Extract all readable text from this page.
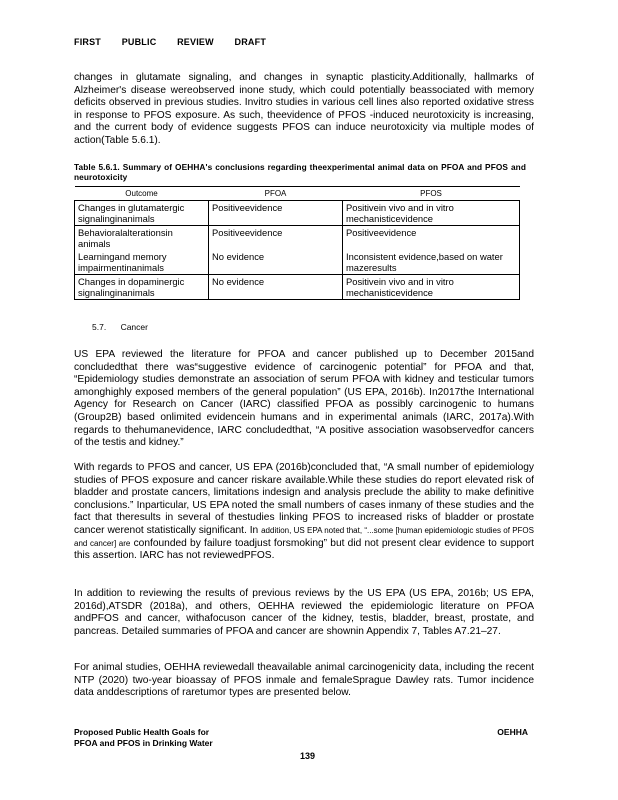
FIRST PUBLIC REVIEW DRAFT
changes in glutamate signaling, and changes in synaptic plasticity.Additionally, hallmarks of Alzheimer's disease wereobserved inone study, which could potentially beassociated with memory deficits observed in previous studies. Invitro studies in various cell lines also reported oxidative stress in response to PFOS exposure. As such, theevidence of PFOS -induced neurotoxicity is increasing, and the current body of evidence suggests PFOS can induce neurotoxicity via multiple modes of action(Table 5.6.1).
Table 5.6.1. Summary of OEHHA's conclusions regarding theexperimental animal data on PFOA and PFOS and neurotoxicity
Outcome	PFOA	PFOS
Changes in glutamatergic signalinginanimals	Positiveevidence	Positivein vivo and in vitro mechanisticevidence
Behavioralalterationsin animals	Positiveevidence	Positiveevidence
Learningand memory impairmentinanimals	No evidence	Inconsistent evidence,based on water mazeresults
Changes in dopaminergic signalinginanimals	No evidence	Positivein vivo and in vitro mechanisticevidence
5.7. Cancer
US EPA reviewed the literature for PFOA and cancer published up to December 2015and concludedthat there was“suggestive evidence of carcinogenic potential” for PFOA and that, “Epidemiology studies demonstrate an association of serum PFOA with kidney and testicular tumors amonghighly exposed members of the general population” (US EPA, 2016b). In2017the International Agency for Research on Cancer (IARC) classified PFOA as possibly carcinogenic to humans (Group2B) based onlimited evidencein humans and in experimental animals (IARC, 2017a).With regards to thehumanevidence, IARC concludedthat, “A positive association wasobservedfor cancers of the testis and kidney.”
With regards to PFOS and cancer, US EPA (2016b)concluded that, “A small number of epidemiology studies of PFOS exposure and cancer riskare available.While these studies do report elevated risk of bladder and prostate cancers, limitations indesign and analysis preclude the ability to make definitive conclusions.” Inparticular, US EPA noted the small numbers of cases inmany of these studies and the fact that theresults in several of thestudies linking PFOS to increased risks of bladder or prostate cancer werenot statistically significant. In addition, US EPA noted that, “...some [human epidemiologic studies of PFOS and cancer] are confounded by failure toadjust forsmoking” but did not present clear evidence to support this assertion. IARC has not reviewedPFOS.
In addition to reviewing the results of previous reviews by the US EPA (US EPA, 2016b; US EPA, 2016d),ATSDR (2018a), and others, OEHHA reviewed the epidemiologic literature on PFOA andPFOS and cancer, withafocuson cancer of the kidney, testis, bladder, breast, prostate, and pancreas. Detailed summaries of PFOA and cancer are shownin Appendix 7, Tables A7.21–27.
For animal studies, OEHHA reviewedall theavailable animal carcinogenicity data, including the recent NTP (2020) two-year bioassay of PFOS inmale and femaleSprague Dawley rats. Tumor incidence data anddescriptions of raretumor types are presented below.
Proposed Public Health Goals for
PFOA and PFOS in Drinking Water
OEHHA
139
